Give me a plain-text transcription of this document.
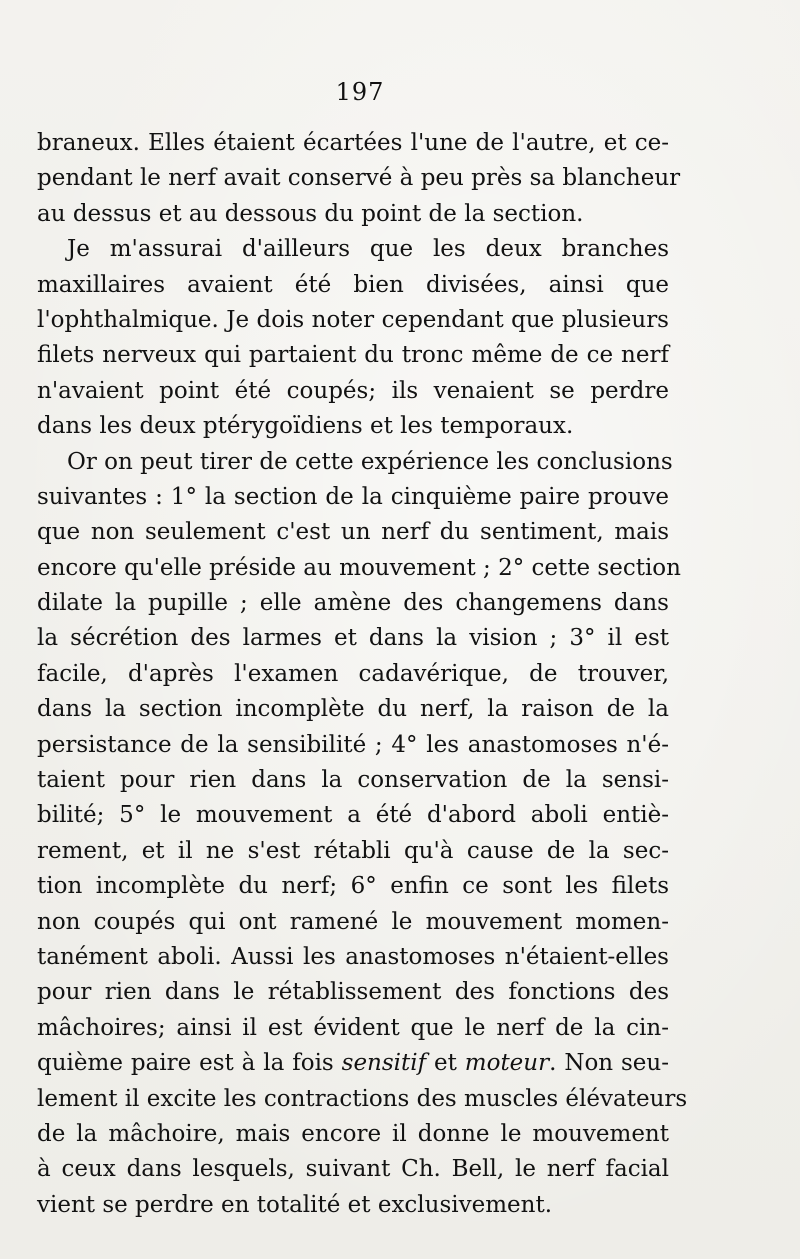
197
braneux. Elles étaient écartées l'une de l'autre, et ce-
pendant le nerf avait conservé à peu près sa blancheur
au dessus et au dessous du point de la section.
Je m'assurai d'ailleurs que les deux branches
maxillaires avaient été bien divisées, ainsi que
l'ophthalmique. Je dois noter cependant que plusieurs
filets nerveux qui partaient du tronc même de ce nerf
n'avaient point été coupés; ils venaient se perdre
dans les deux ptérygoïdiens et les temporaux.
Or on peut tirer de cette expérience les conclusions
suivantes : 1° la section de la cinquième paire prouve
que non seulement c'est un nerf du sentiment, mais
encore qu'elle préside au mouvement ; 2° cette section
dilate la pupille ; elle amène des changemens dans
la sécrétion des larmes et dans la vision ; 3° il est
facile, d'après l'examen cadavérique, de trouver,
dans la section incomplète du nerf, la raison de la
persistance de la sensibilité ; 4° les anastomoses n'é-
taient pour rien dans la conservation de la sensi-
bilité; 5° le mouvement a été d'abord aboli entiè-
rement, et il ne s'est rétabli qu'à cause de la sec-
tion incomplète du nerf; 6° enfin ce sont les filets
non coupés qui ont ramené le mouvement momen-
tanément aboli. Aussi les anastomoses n'étaient-elles
pour rien dans le rétablissement des fonctions des
mâchoires; ainsi il est évident que le nerf de la cin-
quième paire est à la fois sensitif et moteur. Non seu-
lement il excite les contractions des muscles élévateurs
de la mâchoire, mais encore il donne le mouvement
à ceux dans lesquels, suivant Ch. Bell, le nerf facial
vient se perdre en totalité et exclusivement.
